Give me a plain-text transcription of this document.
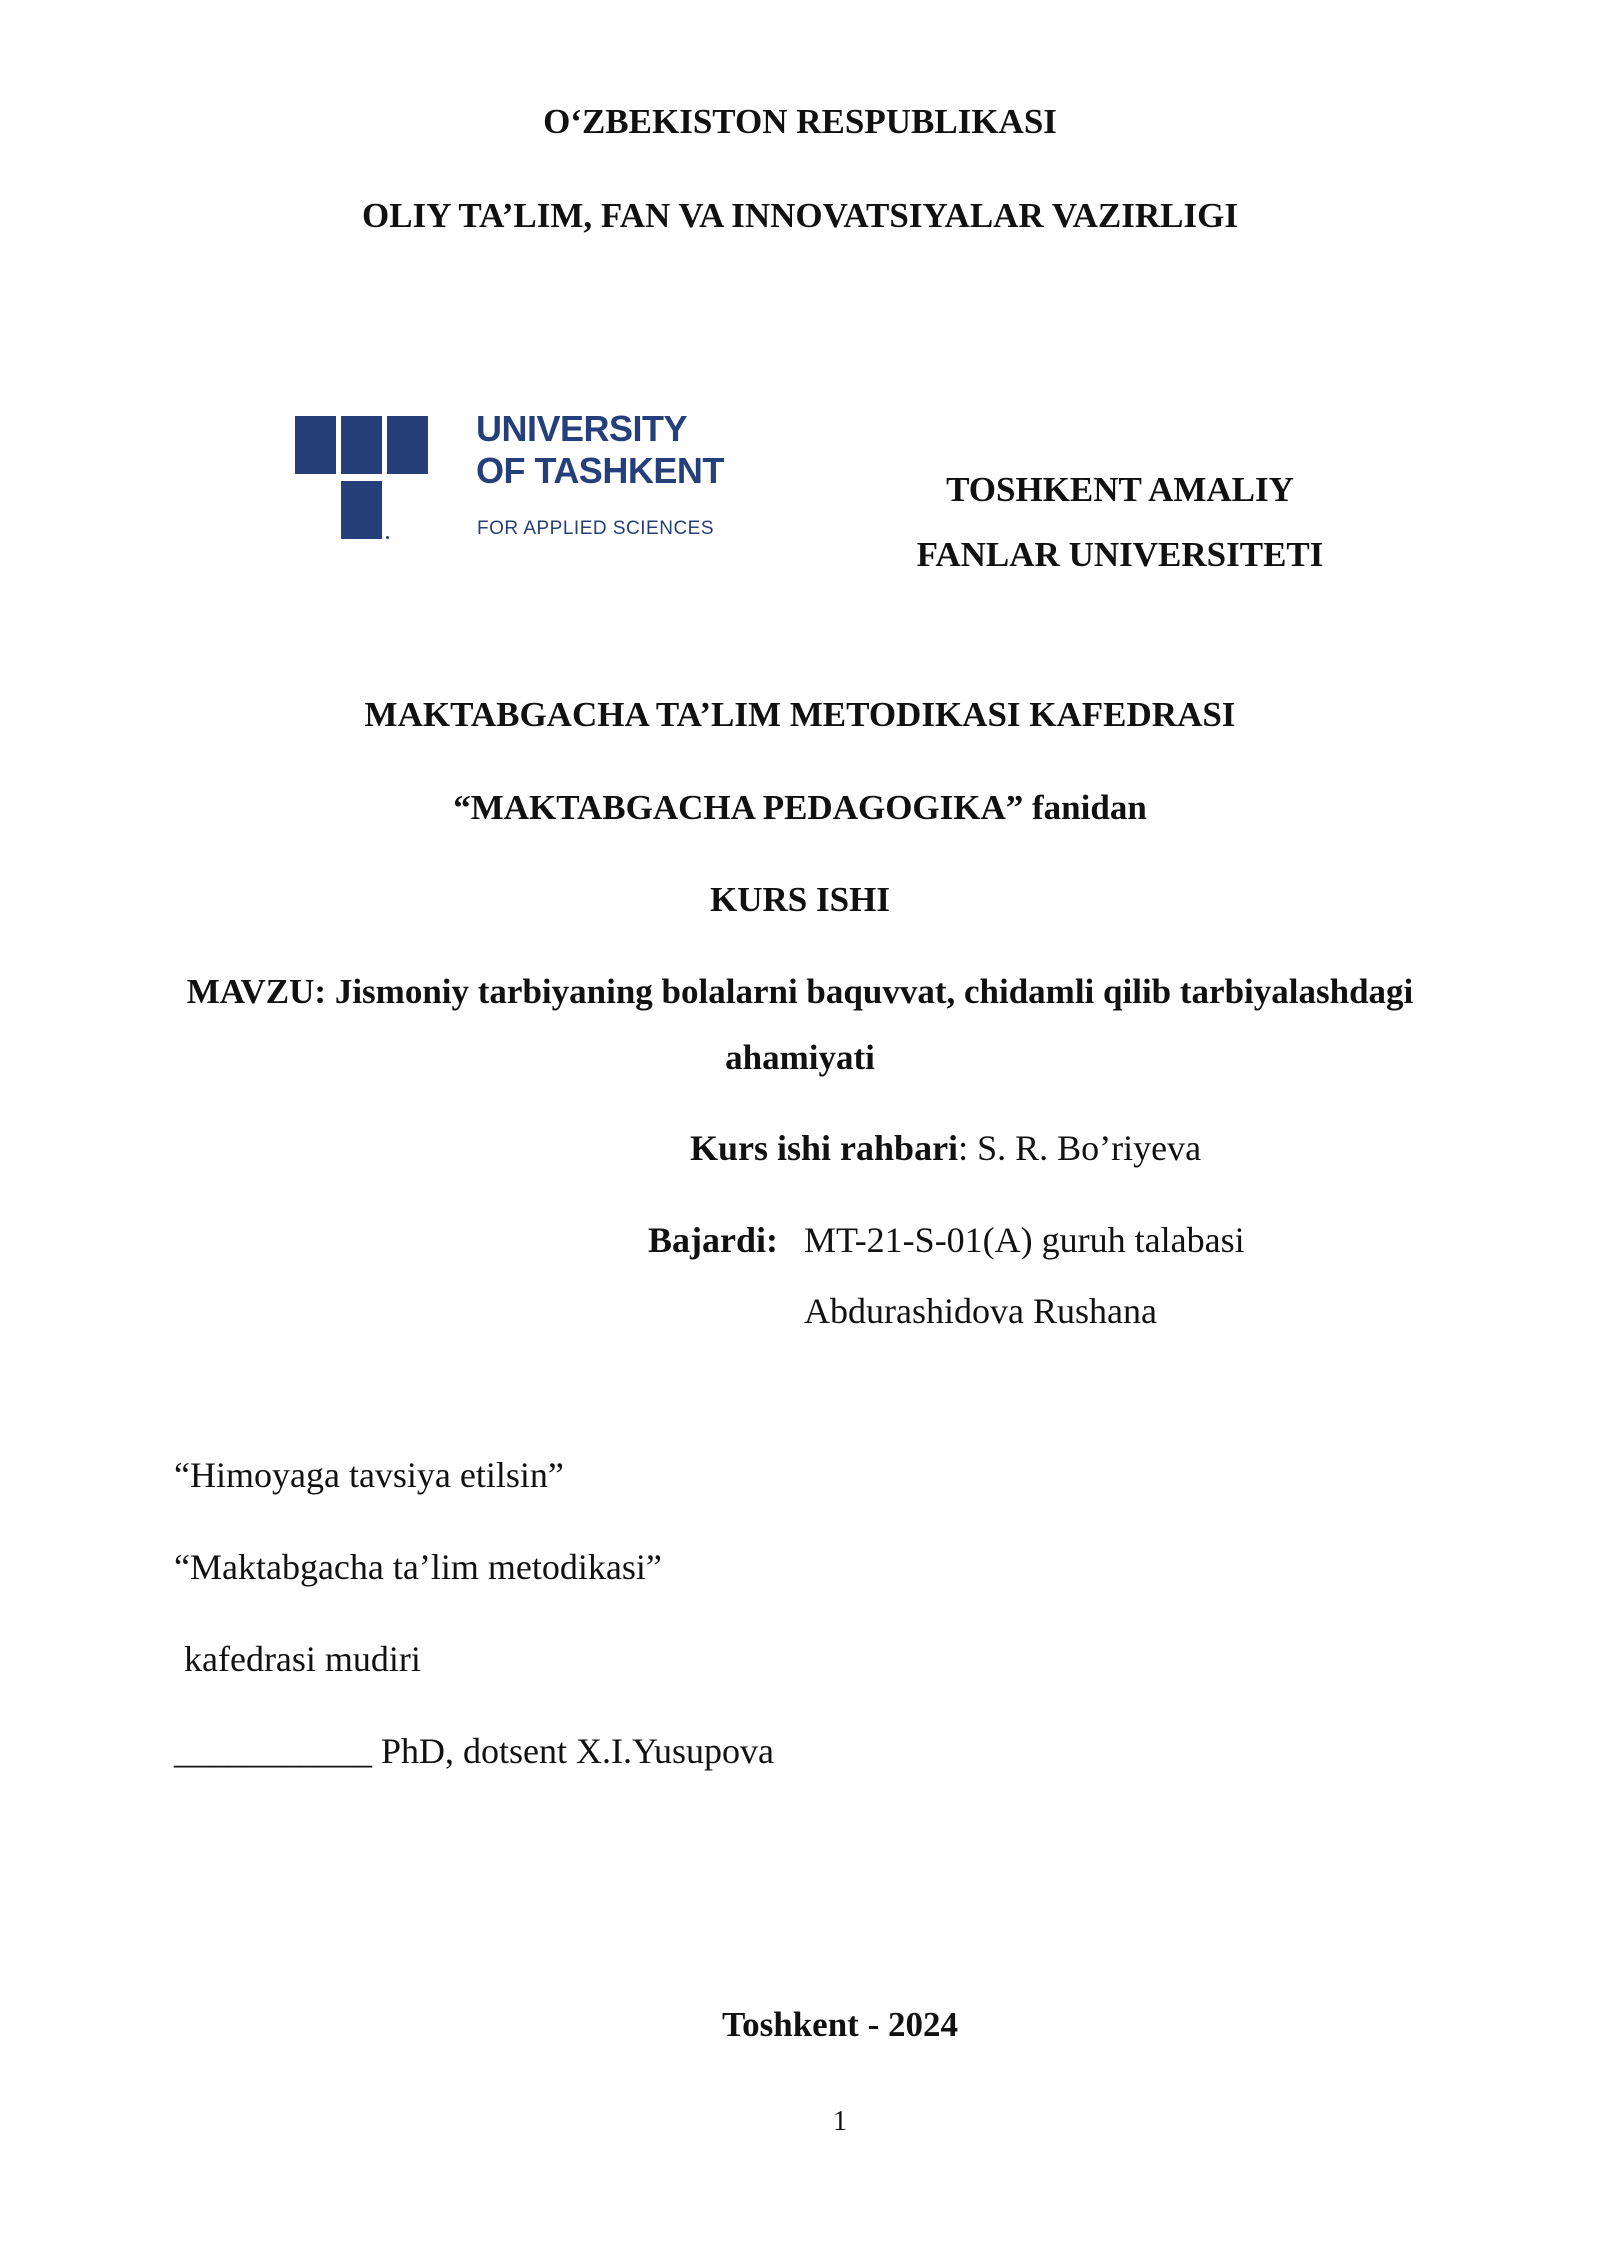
O‘ZBEKISTON RESPUBLIKASI
OLIY TA’LIM, FAN VA INNOVATSIYALAR VAZIRLIGI
UNIVERSITY
OF TASHKENT
FOR APPLIED SCIENCES
TOSHKENT AMALIY
FANLAR UNIVERSITETI
MAKTABGACHA TA’LIM METODIKASI KAFEDRASI
“MAKTABGACHA PEDAGOGIKA” fanidan
KURS ISHI
MAVZU: Jismoniy tarbiyaning bolalarni baquvvat, chidamli qilib tarbiyalashdagi
ahamiyati
Kurs ishi rahbari: S. R. Bo’riyeva
Bajardi: MT-21-S-01(A) guruh talabasi
Abdurashidova Rushana
“Himoyaga tavsiya etilsin”
“Maktabgacha ta’lim metodikasi”
kafedrasi mudiri
___________ PhD, dotsent X.I.Yusupova
Toshkent - 2024
1
